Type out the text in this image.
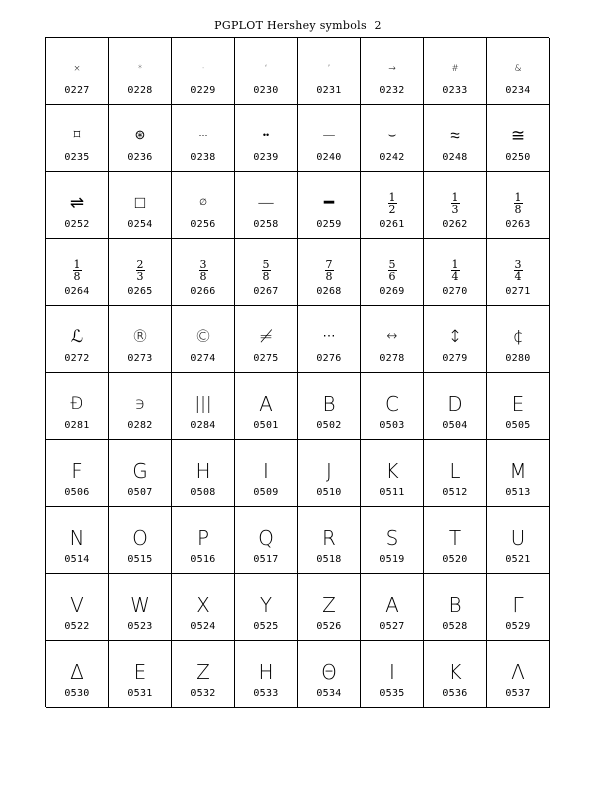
PGPLOT Hershey symbols  2
×
0227
*
0228
·
0229
‘
0230
’
0231
→
0232
#
0233
&
0234
⌑
0235
⊛
0236
⋯
0238
••
0239
—
0240
⌣
0242
≈
0248
≅
0250
⇌
0252
□
0254
∅
0256
—
0258
━
0259
$\frac{1}{2}$
0261
$\frac{1}{3}$
0262
$\frac{1}{8}$
0263
$\frac{1}{8}$
0264
$\frac{2}{3}$
0265
$\frac{3}{8}$
0266
$\frac{5}{8}$
0267
$\frac{7}{8}$
0268
$\frac{5}{6}$
0269
$\frac{1}{4}$
0270
$\frac{3}{4}$
0271
ℒ
0272
®
0273
©
0274
≠
0275
⋯
0276
↔
0278
↕
0279
¢
0280
Ɖ
0281
϶
0282
|||
0284
A
0501
B
0502
C
0503
D
0504
E
0505
F
0506
G
0507
H
0508
I
0509
J
0510
K
0511
L
0512
M
0513
N
0514
O
0515
P
0516
Q
0517
R
0518
S
0519
T
0520
U
0521
V
0522
W
0523
X
0524
Y
0525
Z
0526
Α
0527
Β
0528
Γ
0529
Δ
0530
Ε
0531
Ζ
0532
Η
0533
Θ
0534
Ι
0535
Κ
0536
Λ
0537
